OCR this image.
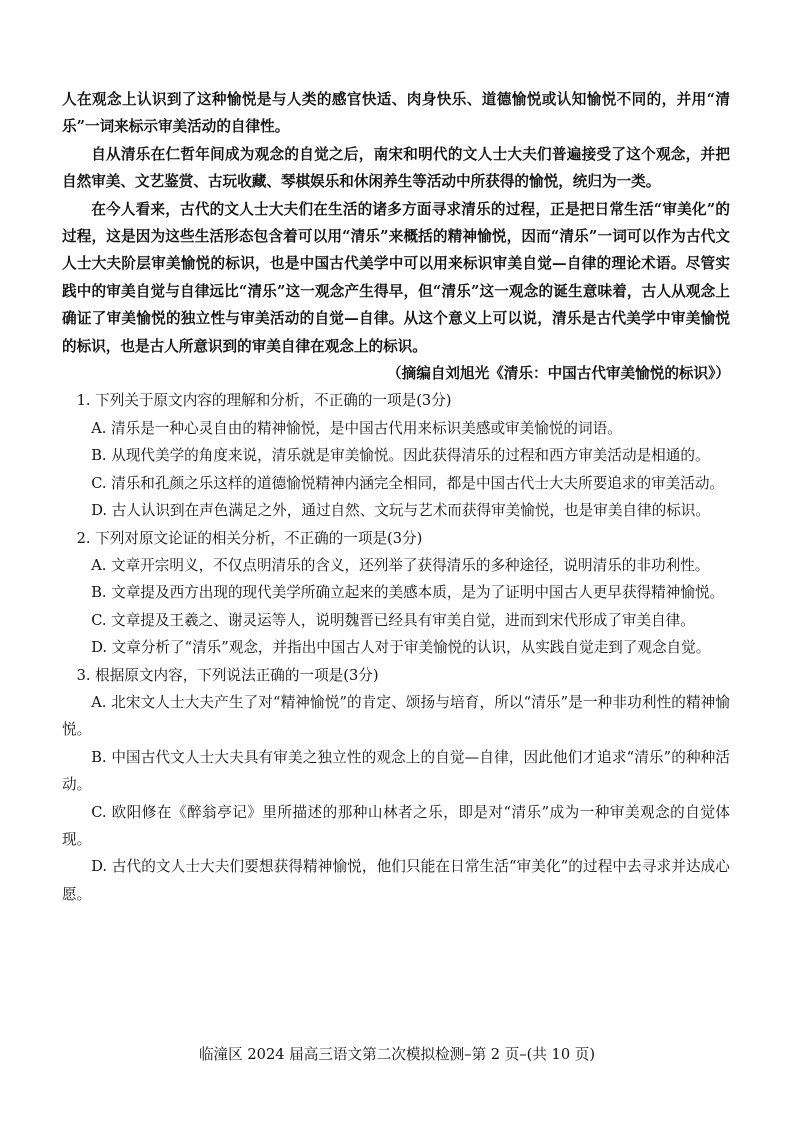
人在观念上认识到了这种愉悦是与人类的感官快适、肉身快乐、道德愉悦或认知愉悦不同的，并用“清乐”一词来标示审美活动的自律性。

自从清乐在仁哲年间成为观念的自觉之后，南宋和明代的文人士大夫们普遍接受了这个观念，并把自然审美、文艺鉴赏、古玩收藏、琴棋娱乐和休闲养生等活动中所获得的愉悦，统归为一类。

在今人看来，古代的文人士大夫们在生活的诸多方面寻求清乐的过程，正是把日常生活“审美化”的过程，这是因为这些生活形态包含着可以用“清乐”来概括的精神愉悦，因而“清乐”一词可以作为古代文人士大夫阶层审美愉悦的标识，也是中国古代美学中可以用来标识审美自觉—自律的理论术语。尽管实践中的审美自觉与自律远比“清乐”这一观念产生得早，但“清乐”这一观念的诞生意味着，古人从观念上确证了审美愉悦的独立性与审美活动的自觉—自律。从这个意义上可以说，清乐是古代美学中审美愉悦的标识，也是古人所意识到的审美自律在观念上的标识。

（摘编自刘旭光《清乐：中国古代审美愉悦的标识》）

1. 下列关于原文内容的理解和分析，不正确的一项是(3分)

A. 清乐是一种心灵自由的精神愉悦，是中国古代用来标识美感或审美愉悦的词语。

B. 从现代美学的角度来说，清乐就是审美愉悦。因此获得清乐的过程和西方审美活动是相通的。

C. 清乐和孔颜之乐这样的道德愉悦精神内涵完全相同，都是中国古代士大夫所要追求的审美活动。

D. 古人认识到在声色满足之外，通过自然、文玩与艺术而获得审美愉悦，也是审美自律的标识。

2. 下列对原文论证的相关分析，不正确的一项是(3分)

A. 文章开宗明义，不仅点明清乐的含义，还列举了获得清乐的多种途径，说明清乐的非功利性。

B. 文章提及西方出现的现代美学所确立起来的美感本质，是为了证明中国古人更早获得精神愉悦。

C. 文章提及王羲之、谢灵运等人，说明魏晋已经具有审美自觉，进而到宋代形成了审美自律。

D. 文章分析了“清乐”观念，并指出中国古人对于审美愉悦的认识，从实践自觉走到了观念自觉。

3. 根据原文内容，下列说法正确的一项是(3分)

A. 北宋文人士大夫产生了对“精神愉悦”的肯定、颂扬与培育，所以“清乐”是一种非功利性的精神愉悦。

B. 中国古代文人士大夫具有审美之独立性的观念上的自觉—自律，因此他们才追求“清乐”的种种活动。

C. 欧阳修在《醉翁亭记》里所描述的那种山林者之乐，即是对“清乐”成为一种审美观念的自觉体现。

D. 古代的文人士大夫们要想获得精神愉悦，他们只能在日常生活“审美化”的过程中去寻求并达成心愿。

临潼区 2024 届高三语文第二次模拟检测–第 2 页–(共 10 页)
